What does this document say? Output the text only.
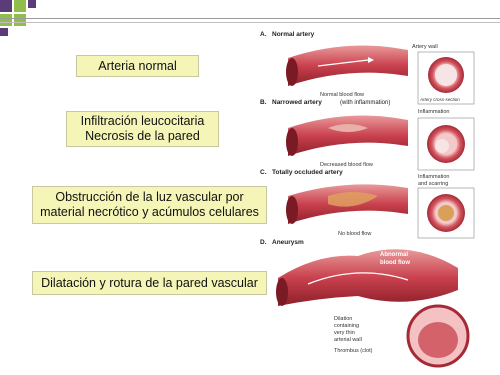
Arteria normal
Infiltración leucocitaria
Necrosis de la pared
Obstrucción de la luz vascular por
material necrótico y acúmulos celulares
Dilatación y rotura de la pared vascular
A. Normal artery
Artery wall
Normal blood flow
Artery cross-section
B. Narrowed artery	(with inflammation)
Inflammation
Decreased blood flow
C. Totally occluded artery
Inflammation
and scarring
No blood flow
D. Aneurysm
Abnormal
blood flow
Dilation
containing
very thin
arterial wall
Thrombus (clot)
